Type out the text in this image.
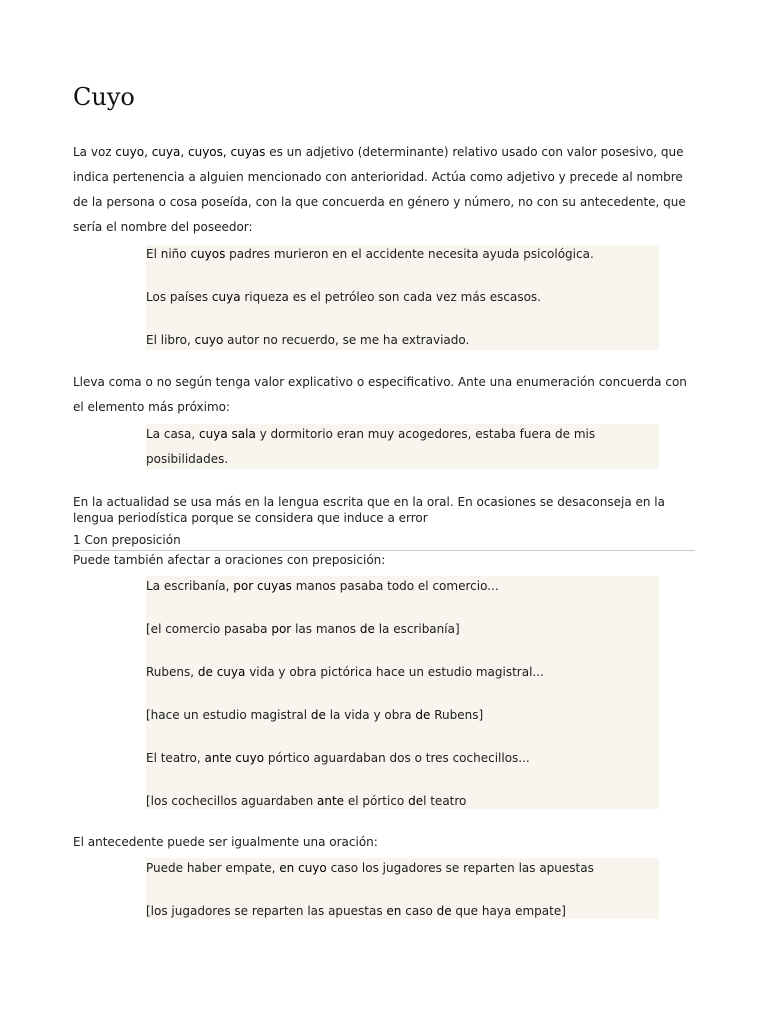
Cuyo

La voz cuyo, cuya, cuyos, cuyas es un adjetivo (determinante) relativo usado con valor posesivo, que indica pertenencia a alguien mencionado con anterioridad. Actúa como adjetivo y precede al nombre de la persona o cosa poseída, con la que concuerda en género y número, no con su antecedente, que sería el nombre del poseedor:

Lleva coma o no según tenga valor explicativo o especificativo. Ante una enumeración concuerda con el elemento más próximo:

En la actualidad se usa más en la lengua escrita que en la oral. En ocasiones se desaconseja en la lengua periodística porque se considera que induce a error

1 Con preposición

Puede también afectar a oraciones con preposición:

El antecedente puede ser igualmente una oración:

El niño cuyos padres murieron en el accidente necesita ayuda psicológica.
Los países cuya riqueza es el petróleo son cada vez más escasos.
El libro, cuyo autor no recuerdo, se me ha extraviado.
La casa, cuya sala y dormitorio eran muy acogedores, estaba fuera de mis posibilidades.
La escribanía, por cuyas manos pasaba todo el comercio...
[el comercio pasaba por las manos de la escribanía]
Rubens, de cuya vida y obra pictórica hace un estudio magistral...
[hace un estudio magistral de la vida y obra de Rubens]
El teatro, ante cuyo pórtico aguardaban dos o tres cochecillos...
[los cochecillos aguardaben ante el pórtico del teatro
Puede haber empate, en cuyo caso los jugadores se reparten las apuestas
[los jugadores se reparten las apuestas en caso de que haya empate]
